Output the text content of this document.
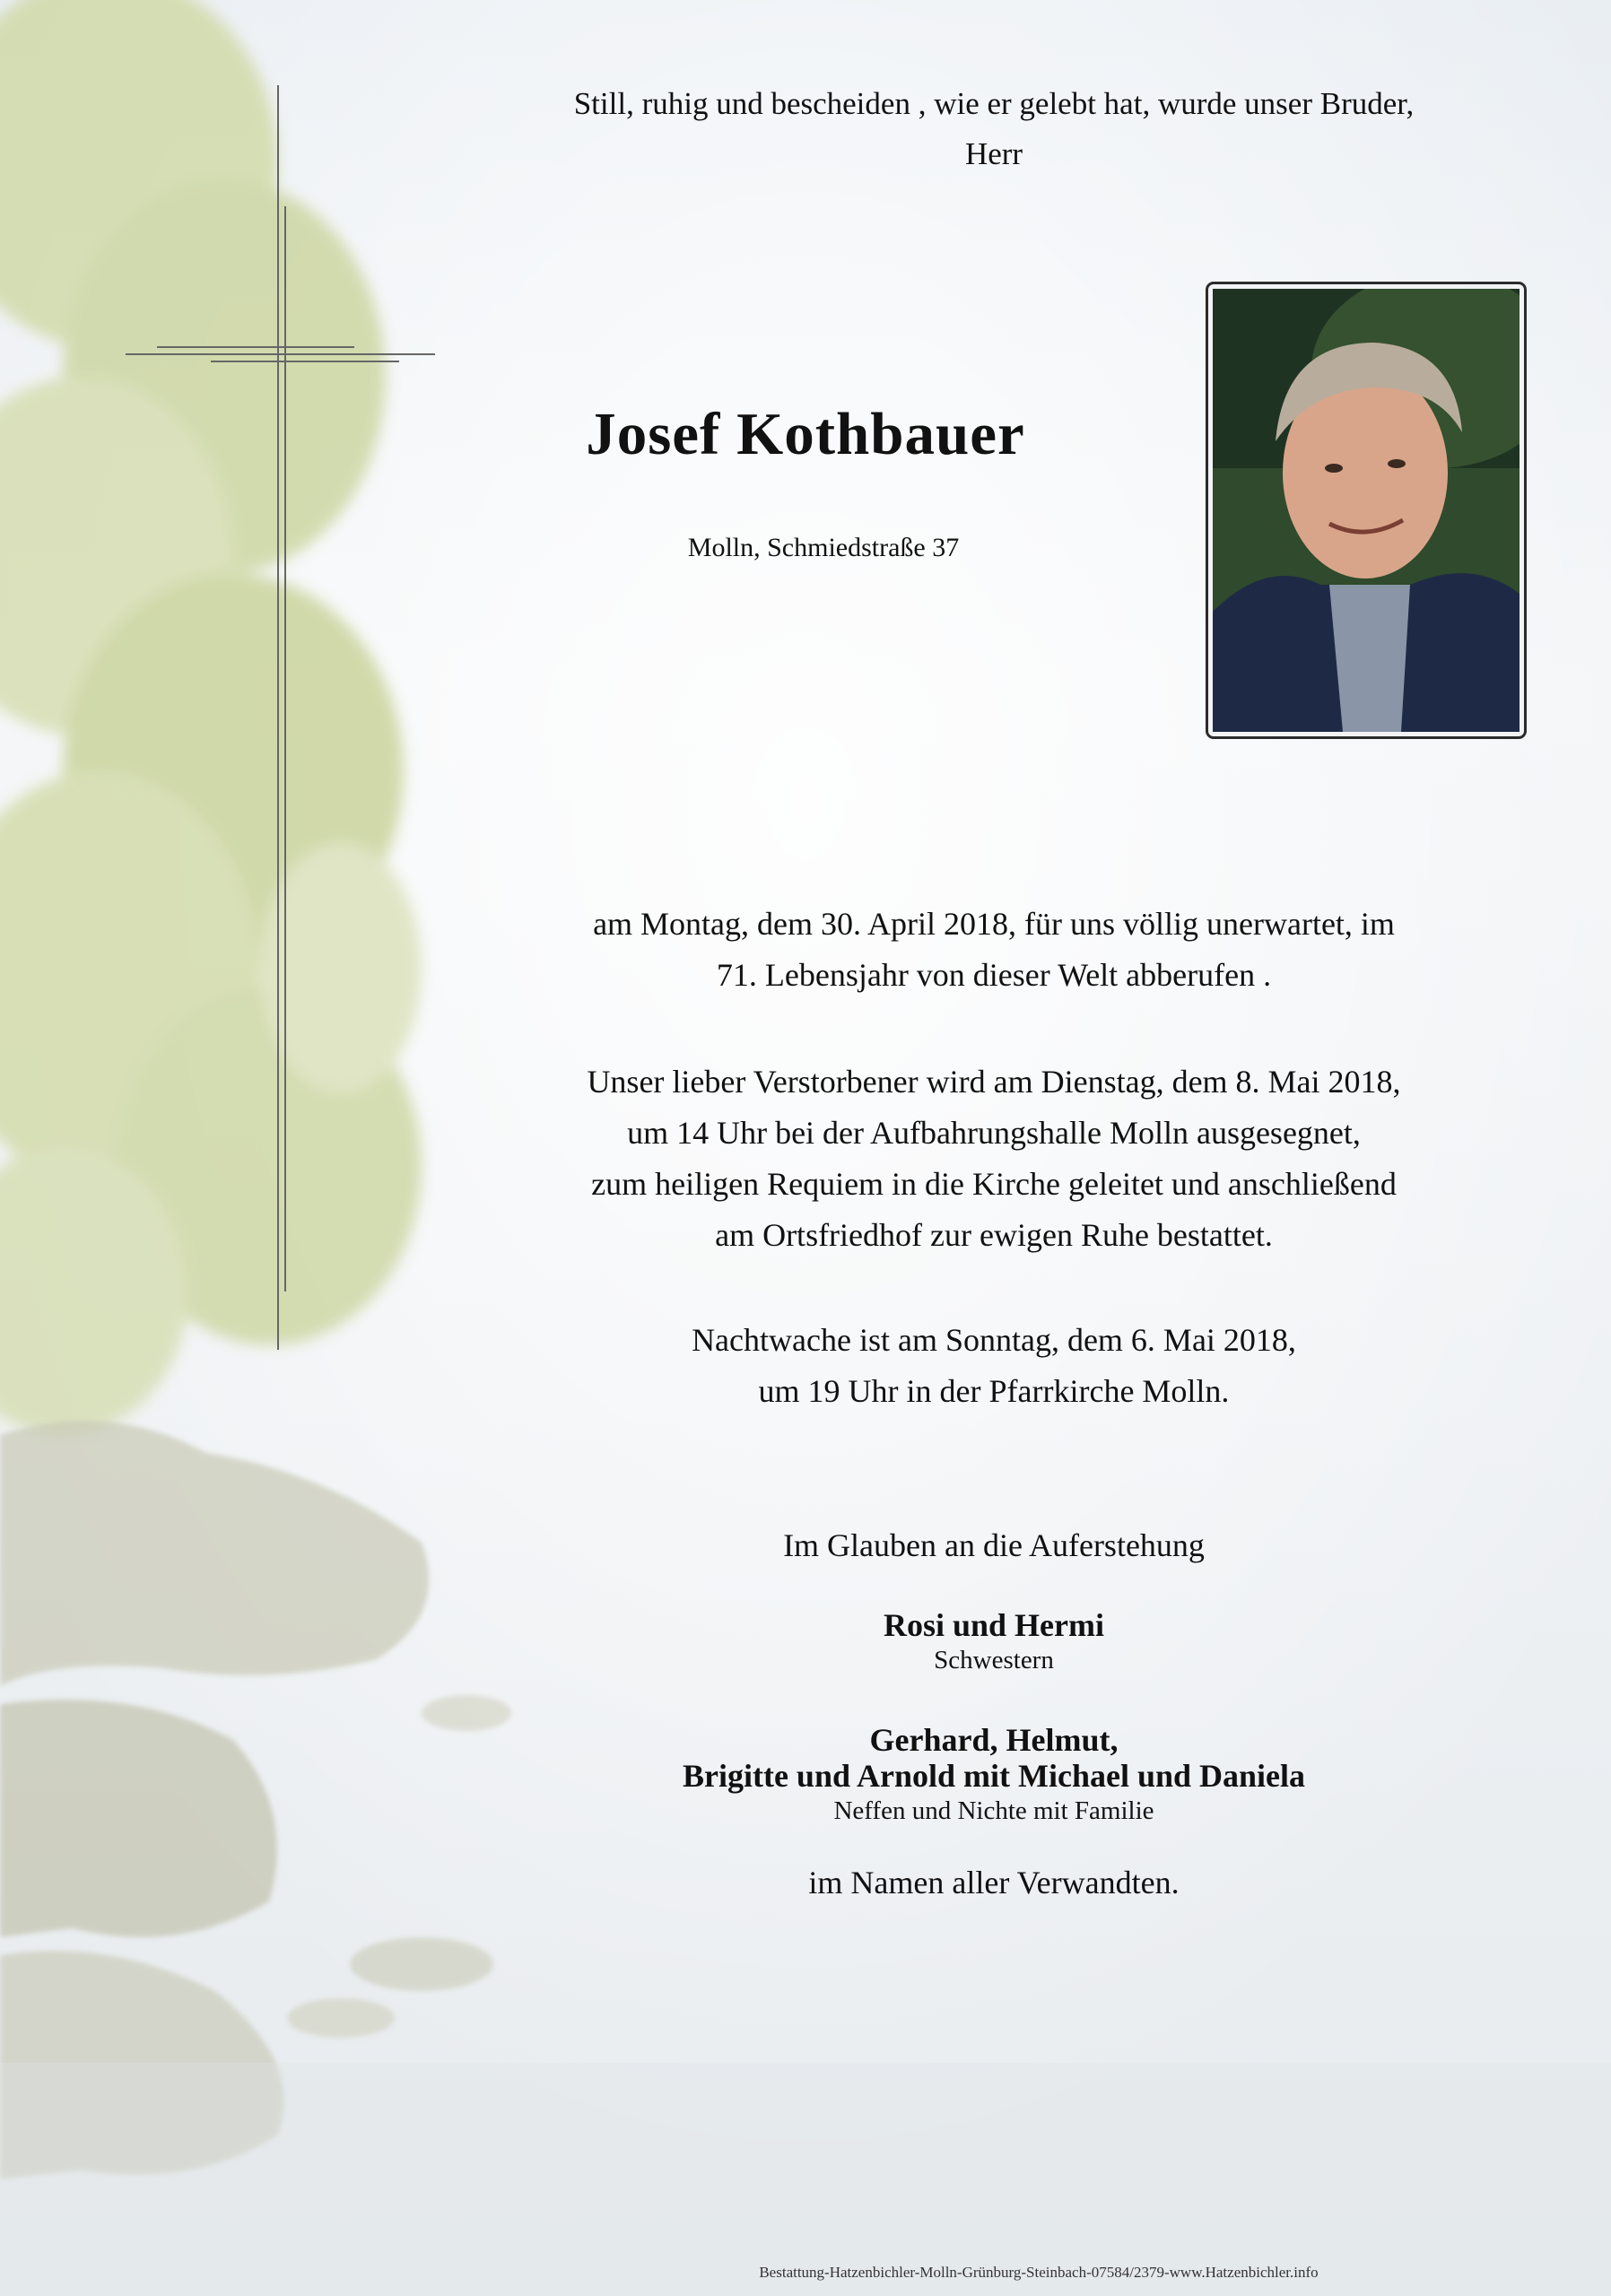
Still, ruhig und bescheiden , wie er gelebt hat, wurde unser Bruder,
Herr
Josef Kothbauer
Molln, Schmiedstraße 37
am Montag, dem 30. April 2018, für uns völlig unerwartet, im
71. Lebensjahr von dieser Welt abberufen .
Unser lieber Verstorbener wird am Dienstag, dem 8. Mai 2018,
um 14 Uhr bei der Aufbahrungshalle Molln ausgesegnet,
zum heiligen Requiem in die Kirche geleitet und anschließend
am Ortsfriedhof zur ewigen Ruhe bestattet.
Nachtwache ist am Sonntag, dem 6. Mai 2018,
um 19 Uhr in der Pfarrkirche Molln.
Im Glauben an die Auferstehung
Rosi und Hermi
Schwestern
Gerhard, Helmut,
Brigitte und Arnold mit Michael und Daniela
Neffen und Nichte mit Familie
im Namen aller Verwandten.
Bestattung-Hatzenbichler-Molln-Grünburg-Steinbach-07584/2379-www.Hatzenbichler.info
